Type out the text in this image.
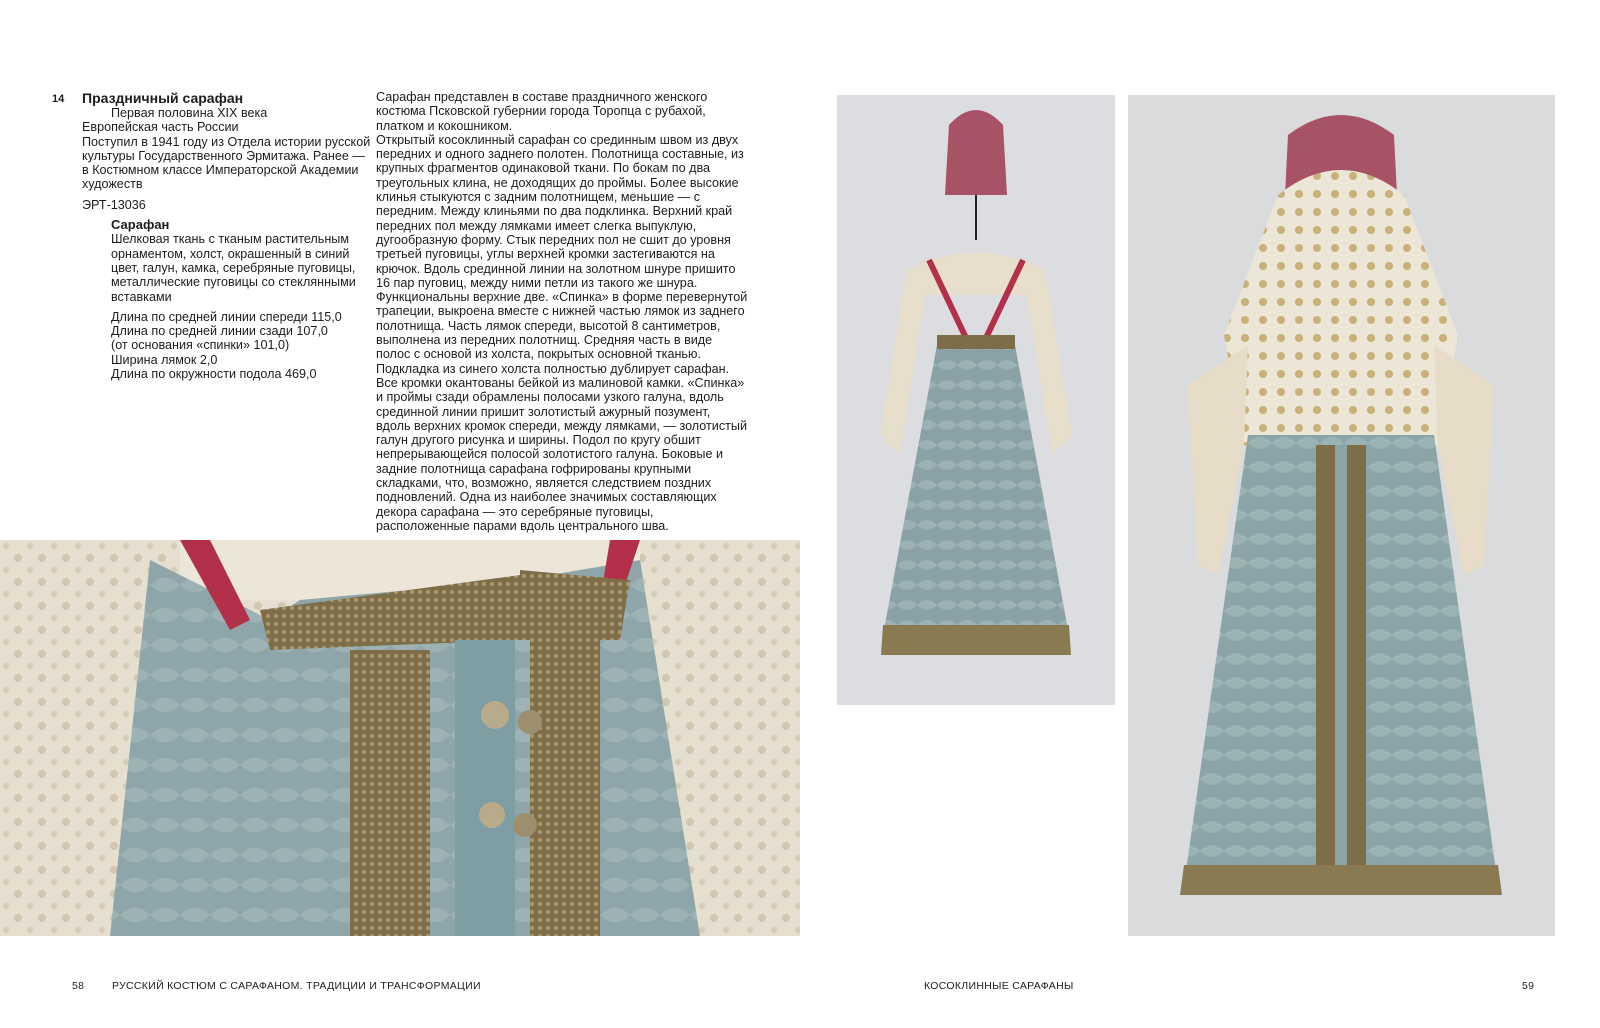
14 Праздничный сарафан

Первая половина XIX века

Европейская часть России

Поступил в 1941 году из Отдела истории русской культуры Государственного Эрмитажа. Ранее — в Костюмном классе Императорской Академии художеств

ЭРТ-13036

Сарафан

Шелковая ткань с тканым растительным орнаментом, холст, окрашенный в синий цвет, галун, камка, серебряные пуговицы, металлические пуговицы со стеклянными вставками

Длина по средней линии спереди 115,0

Длина по средней линии сзади 107,0

(от основания «спинки» 101,0)

Ширина лямок 2,0

Длина по окружности подола 469,0

Сарафан представлен в составе праздничного женского костюма Псковской губернии города Торопца с рубахой, платком и кокошником.

Открытый косоклинный сарафан со срединным швом из двух передних и одного заднего полотен. Полотнища составные, из крупных фрагментов одинаковой ткани. По бокам по два треугольных клина, не доходящих до проймы. Более высокие клинья стыкуются с задним полотнищем, меньшие — с передним. Между клиньями по два подклинка. Верхний край передних пол между лямками имеет слегка выпуклую, дугообразную форму. Стык передних пол не сшит до уровня третьей пуговицы, углы верхней кромки застегиваются на крючок. Вдоль срединной линии на золотном шнуре пришито 16 пар пуговиц, между ними петли из такого же шнура. Функциональны верхние две. «Спинка» в форме перевернутой трапеции, выкроена вместе с нижней частью лямок из заднего полотнища. Часть лямок спереди, высотой 8 сантиметров, выполнена из передних полотнищ. Средняя часть в виде полос с основой из холста, покрытых основной тканью. Подкладка из синего холста полностью дублирует сарафан. Все кромки окантованы бейкой из малиновой камки. «Спинка» и проймы сзади обрамлены полосами узкого галуна, вдоль срединной линии пришит золотистый ажурный позумент, вдоль верхних кромок спереди, между лямками, — золотистый галун другого рисунка и ширины. Подол по кругу обшит непрерывающейся полосой золотистого галуна. Боковые и задние полотнища сарафана гофрированы крупными складками, что, возможно, является следствием поздних подновлений. Одна из наиболее значимых составляющих декора сарафана — это серебряные пуговицы, расположенные парами вдоль центрального шва.

58	РУССКИЙ КОСТЮМ С САРАФАНОМ. ТРАДИЦИИ И ТРАНСФОРМАЦИИ	КОСОКЛИННЫЕ САРАФАНЫ	59
